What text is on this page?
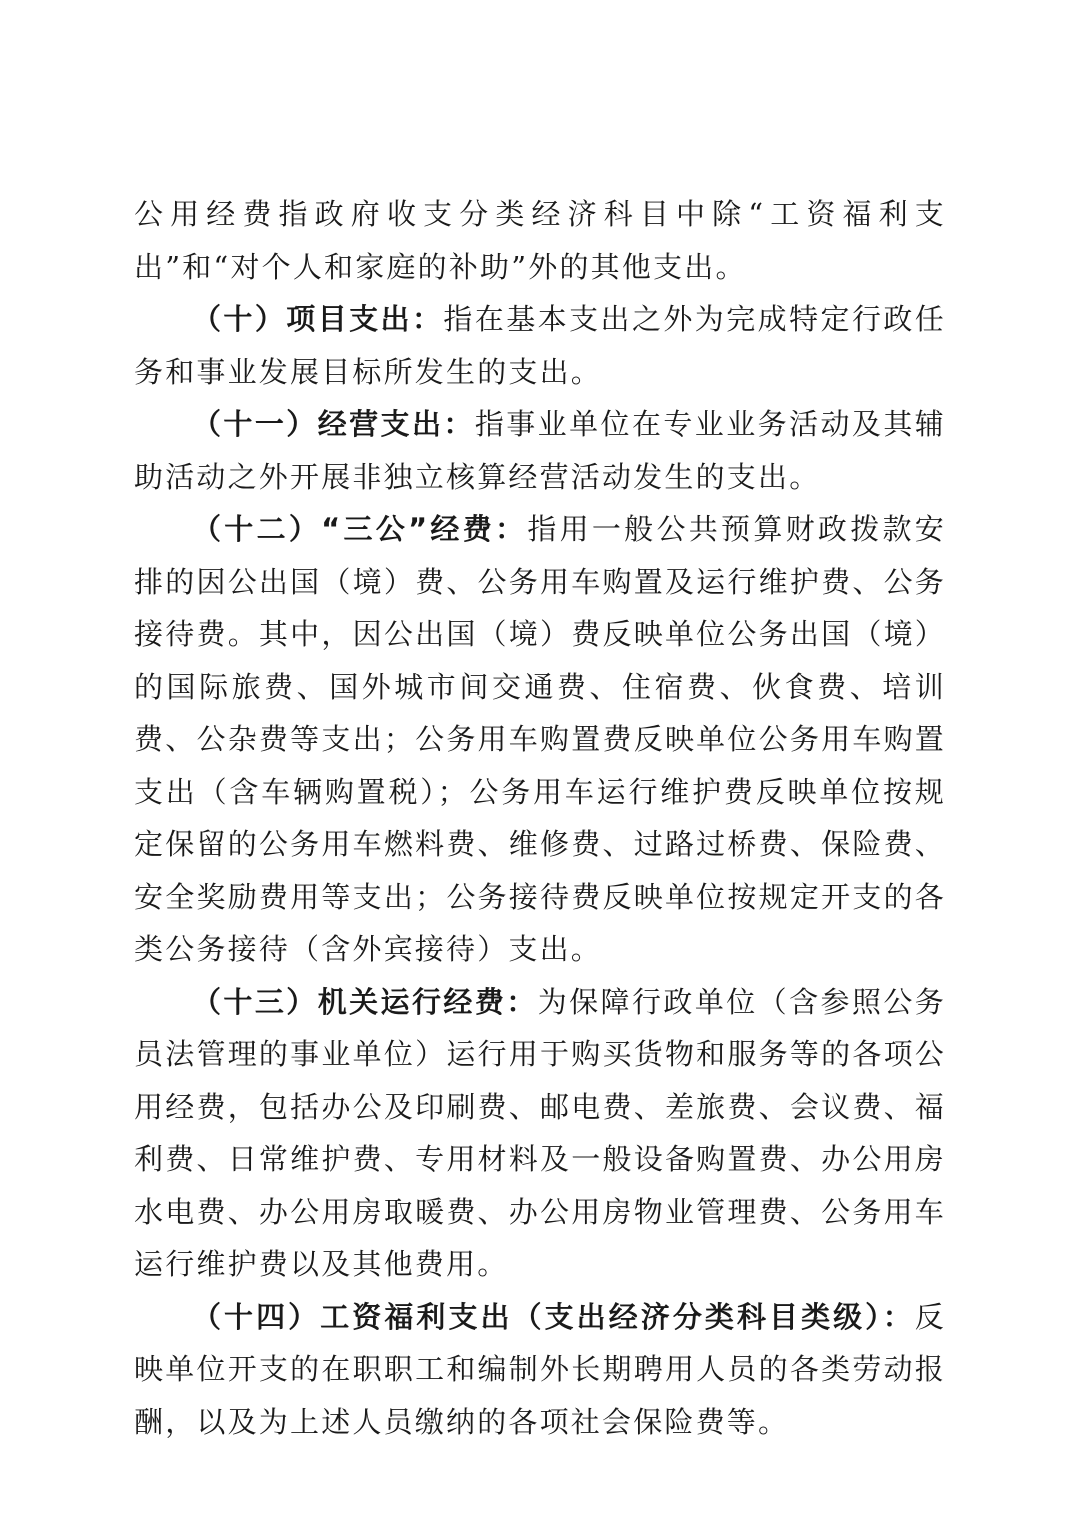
公用经费指政府收支分类经济科目中除“工资福利支出”和“对个人和家庭的补助”外的其他支出。

（十）项目支出：指在基本支出之外为完成特定行政任务和事业发展目标所发生的支出。

（十一）经营支出：指事业单位在专业业务活动及其辅助活动之外开展非独立核算经营活动发生的支出。

（十二）“三公”经费：指用一般公共预算财政拨款安排的因公出国（境）费、公务用车购置及运行维护费、公务接待费。其中，因公出国（境）费反映单位公务出国（境）的国际旅费、国外城市间交通费、住宿费、伙食费、培训费、公杂费等支出；公务用车购置费反映单位公务用车购置支出（含车辆购置税）；公务用车运行维护费反映单位按规定保留的公务用车燃料费、维修费、过路过桥费、保险费、安全奖励费用等支出；公务接待费反映单位按规定开支的各类公务接待（含外宾接待）支出。

（十三）机关运行经费：为保障行政单位（含参照公务员法管理的事业单位）运行用于购买货物和服务等的各项公用经费，包括办公及印刷费、邮电费、差旅费、会议费、福利费、日常维护费、专用材料及一般设备购置费、办公用房水电费、办公用房取暖费、办公用房物业管理费、公务用车运行维护费以及其他费用。

（十四）工资福利支出（支出经济分类科目类级）：反映单位开支的在职职工和编制外长期聘用人员的各类劳动报酬，以及为上述人员缴纳的各项社会保险费等。
